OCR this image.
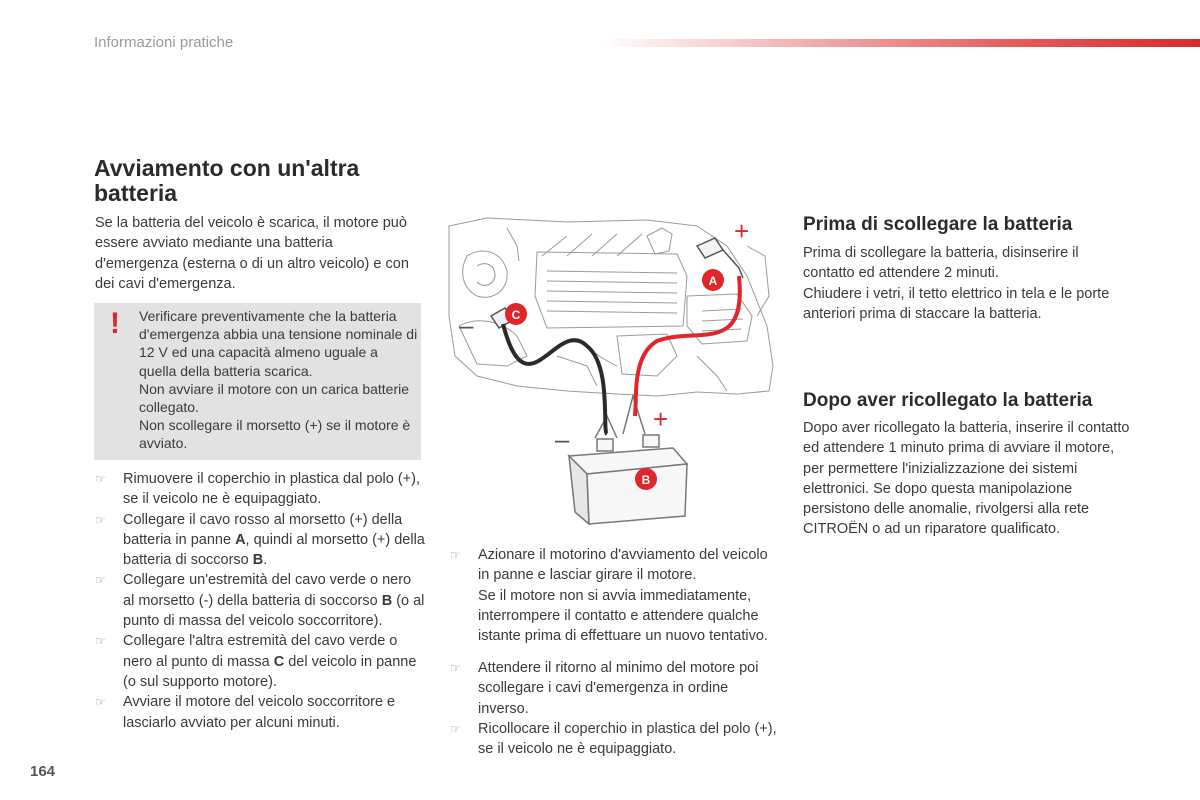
Informazioni pratiche
Avviamento con un'altra batteria
Se la batteria del veicolo è scarica, il motore può essere avviato mediante una batteria d'emergenza (esterna o di un altro veicolo) e con dei cavi d'emergenza.
! Verificare preventivamente che la batteria d'emergenza abbia una tensione nominale di 12 V ed una capacità almeno uguale a quella della batteria scarica.
Non avviare il motore con un carica batterie collegato.
Non scollegare il morsetto (+) se il motore è avviato.
☞ Rimuovere il coperchio in plastica dal polo (+), se il veicolo ne è equipaggiato.
☞ Collegare il cavo rosso al morsetto (+) della batteria in panne A, quindi al morsetto (+) della batteria di soccorso B.
☞ Collegare un'estremità del cavo verde o nero al morsetto (-) della batteria di soccorso B (o al punto di massa del veicolo soccorritore).
☞ Collegare l'altra estremità del cavo verde o nero al punto di massa C del veicolo in panne (o sul supporto motore).
☞ Avviare il motore del veicolo soccorritore e lasciarlo avviato per alcuni minuti.
A
B
C
+
–
+
–
☞ Azionare il motorino d'avviamento del veicolo in panne e lasciar girare il motore.
Se il motore non si avvia immediatamente, interrompere il contatto e attendere qualche istante prima di effettuare un nuovo tentativo.
☞ Attendere il ritorno al minimo del motore poi scollegare i cavi d'emergenza in ordine inverso.
☞ Ricollocare il coperchio in plastica del polo (+), se il veicolo ne è equipaggiato.
Prima di scollegare la batteria
Prima di scollegare la batteria, disinserire il contatto ed attendere 2 minuti.
Chiudere i vetri, il tetto elettrico in tela e le porte anteriori prima di staccare la batteria.
Dopo aver ricollegato la batteria
Dopo aver ricollegato la batteria, inserire il contatto ed attendere 1 minuto prima di avviare il motore, per permettere l'inizializzazione dei sistemi elettronici. Se dopo questa manipolazione persistono delle anomalie, rivolgersi alla rete CITROËN o ad un riparatore qualificato.
164
